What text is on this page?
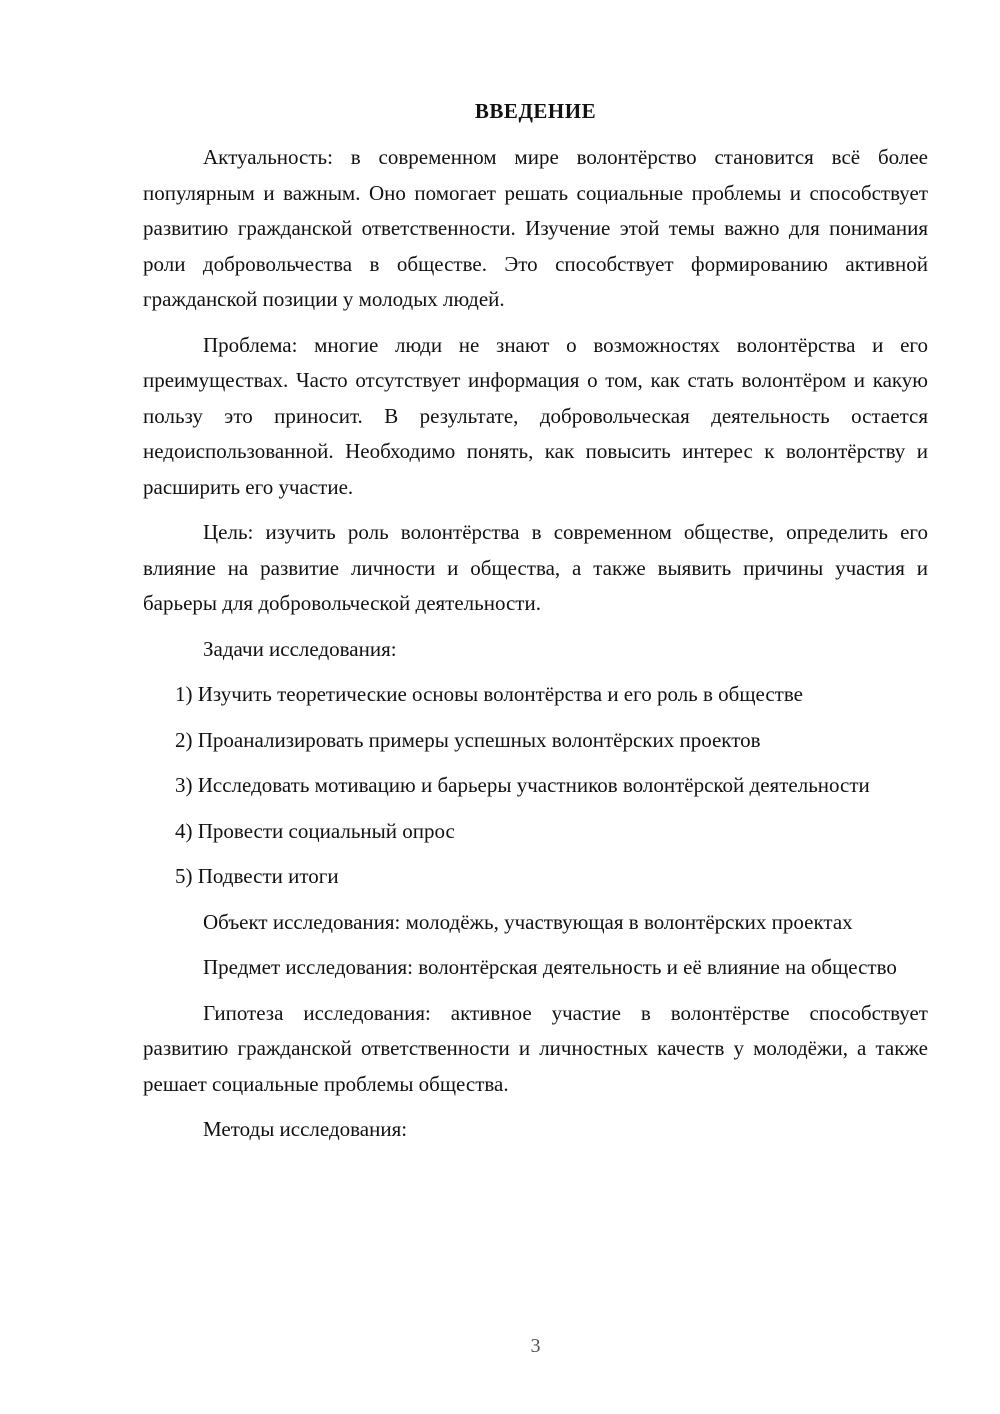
ВВЕДЕНИЕ

Актуальность: в современном мире волонтёрство становится всё более популярным и важным. Оно помогает решать социальные проблемы и способствует развитию гражданской ответственности. Изучение этой темы важно для понимания роли добровольчества в обществе. Это способствует формированию активной гражданской позиции у молодых людей.

Проблема: многие люди не знают о возможностях волонтёрства и его преимуществах. Часто отсутствует информация о том, как стать волонтёром и какую пользу это приносит. В результате, добровольческая деятельность остается недоиспользованной. Необходимо понять, как повысить интерес к волонтёрству и расширить его участие.

Цель: изучить роль волонтёрства в современном обществе, определить его влияние на развитие личности и общества, а также выявить причины участия и барьеры для добровольческой деятельности.

Задачи исследования:

1) Изучить теоретические основы волонтёрства и его роль в обществе

2) Проанализировать примеры успешных волонтёрских проектов

3) Исследовать мотивацию и барьеры участников волонтёрской деятельности

4) Провести социальный опрос

5) Подвести итоги

Объект исследования: молодёжь, участвующая в волонтёрских проектах

Предмет исследования: волонтёрская деятельность и её влияние на общество

Гипотеза исследования: активное участие в волонтёрстве способствует развитию гражданской ответственности и личностных качеств у молодёжи, а также решает социальные проблемы общества.

Методы исследования:

3
